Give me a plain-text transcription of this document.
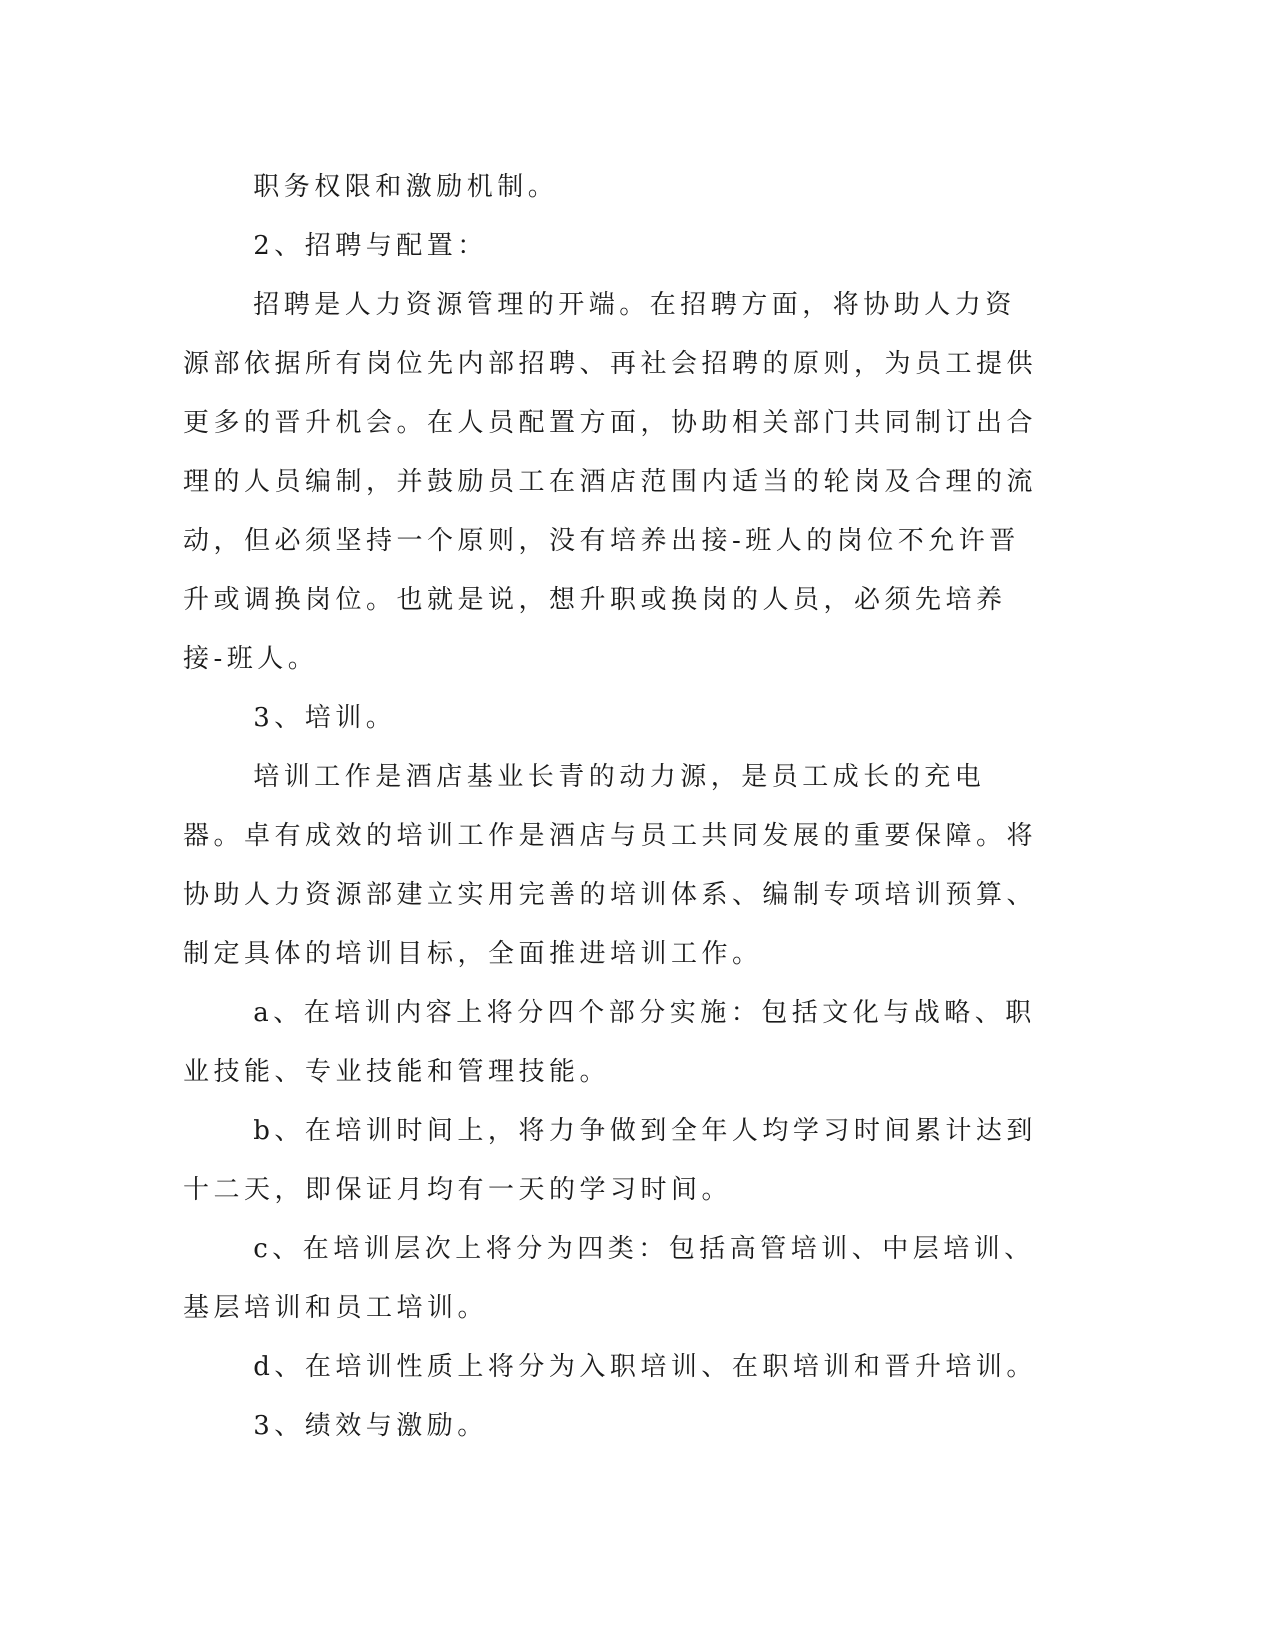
职务权限和激励机制。

2、招聘与配置：

招聘是人力资源管理的开端。在招聘方面，将协助人力资源部依据所有岗位先内部招聘、再社会招聘的原则，为员工提供更多的晋升机会。在人员配置方面，协助相关部门共同制订出合理的人员编制，并鼓励员工在酒店范围内适当的轮岗及合理的流动，但必须坚持一个原则，没有培养出接-班人的岗位不允许晋升或调换岗位。也就是说，想升职或换岗的人员，必须先培养接-班人。

3、培训。

培训工作是酒店基业长青的动力源，是员工成长的充电器。卓有成效的培训工作是酒店与员工共同发展的重要保障。将协助人力资源部建立实用完善的培训体系、编制专项培训预算、制定具体的培训目标，全面推进培训工作。

a、在培训内容上将分四个部分实施：包括文化与战略、职业技能、专业技能和管理技能。

b、在培训时间上，将力争做到全年人均学习时间累计达到十二天，即保证月均有一天的学习时间。

c、在培训层次上将分为四类：包括高管培训、中层培训、基层培训和员工培训。

d、在培训性质上将分为入职培训、在职培训和晋升培训。

3、绩效与激励。
